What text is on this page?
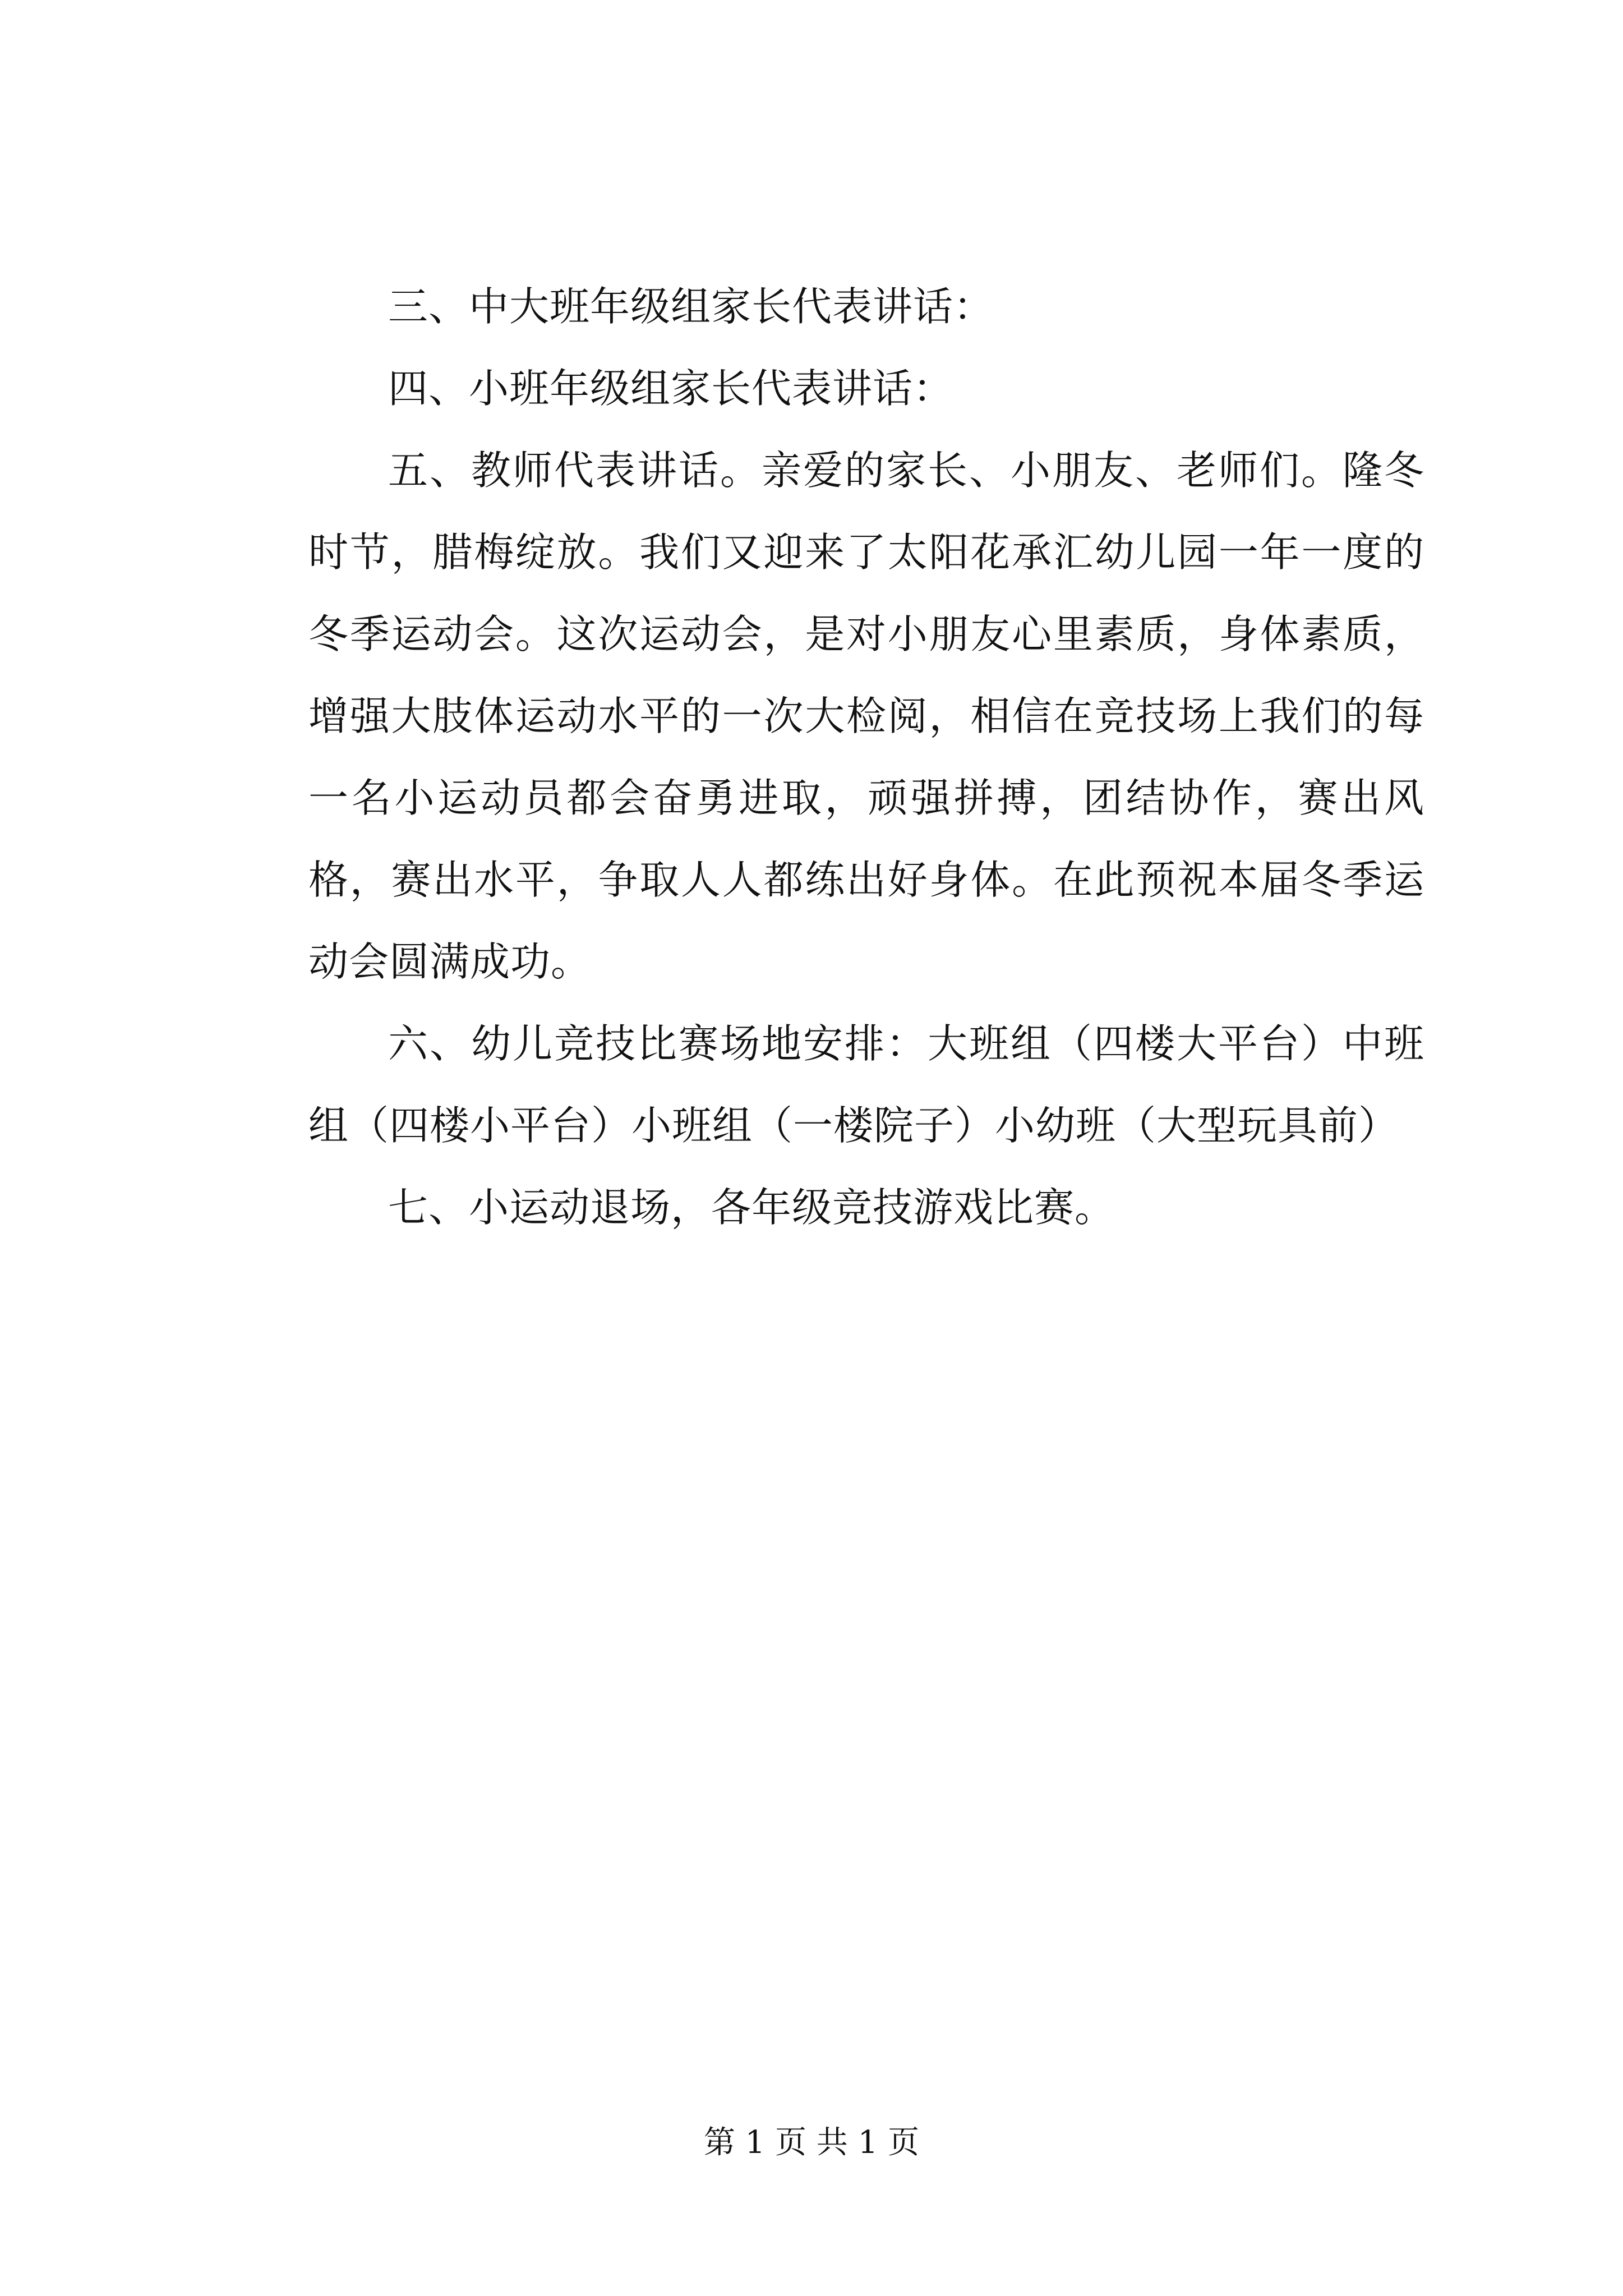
三、中大班年级组家长代表讲话：

四、小班年级组家长代表讲话：

五、教师代表讲话。亲爱的家长、小朋友、老师们。隆冬时节，腊梅绽放。我们又迎来了太阳花承汇幼儿园一年一度的冬季运动会。这次运动会，是对小朋友心里素质，身体素质，增强大肢体运动水平的一次大检阅，相信在竞技场上我们的每一名小运动员都会奋勇进取，顽强拼搏，团结协作，赛出风格，赛出水平，争取人人都练出好身体。在此预祝本届冬季运动会圆满成功。

六、幼儿竞技比赛场地安排：大班组（四楼大平台）中班组（四楼小平台）小班组（一楼院子）小幼班（大型玩具前）

七、小运动退场，各年级竞技游戏比赛。

第 1 页 共 1 页
